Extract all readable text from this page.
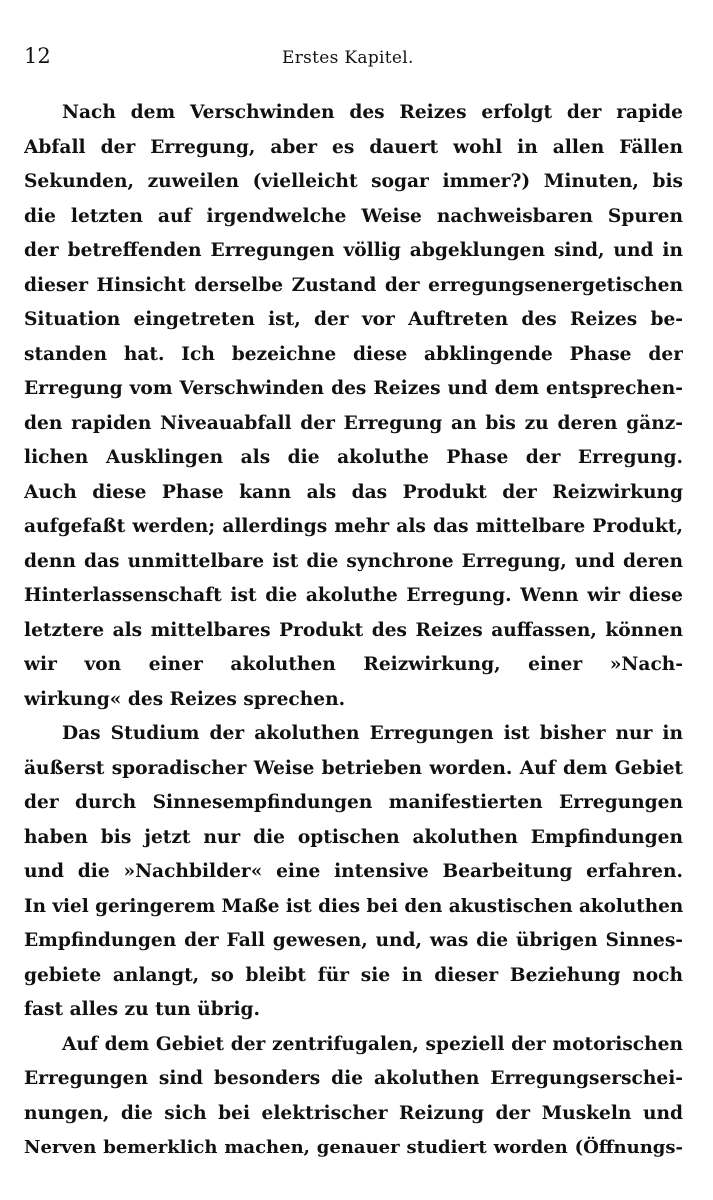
12	Erstes Kapitel.
Nach dem Verschwinden des Reizes erfolgt der rapide
Abfall der Erregung, aber es dauert wohl in allen Fällen
Sekunden, zuweilen (vielleicht sogar immer?) Minuten, bis
die letzten auf irgendwelche Weise nachweisbaren Spuren
der betreffenden Erregungen völlig abgeklungen sind, und in
dieser Hinsicht derselbe Zustand der erregungsenergetischen
Situation eingetreten ist, der vor Auftreten des Reizes be-
standen hat. Ich bezeichne diese abklingende Phase der
Erregung vom Verschwinden des Reizes und dem entsprechen-
den rapiden Niveauabfall der Erregung an bis zu deren gänz-
lichen Ausklingen als die akoluthe Phase der Erregung.
Auch diese Phase kann als das Produkt der Reizwirkung
aufgefaßt werden; allerdings mehr als das mittelbare Produkt,
denn das unmittelbare ist die synchrone Erregung, und deren
Hinterlassenschaft ist die akoluthe Erregung. Wenn wir diese
letztere als mittelbares Produkt des Reizes auffassen, können
wir von einer akoluthen Reizwirkung, einer »Nach-
wirkung« des Reizes sprechen.
Das Studium der akoluthen Erregungen ist bisher nur in
äußerst sporadischer Weise betrieben worden. Auf dem Gebiet
der durch Sinnesempfindungen manifestierten Erregungen
haben bis jetzt nur die optischen akoluthen Empfindungen
und die »Nachbilder« eine intensive Bearbeitung erfahren.
In viel geringerem Maße ist dies bei den akustischen akoluthen
Empfindungen der Fall gewesen, und, was die übrigen Sinnes-
gebiete anlangt, so bleibt für sie in dieser Beziehung noch
fast alles zu tun übrig.
Auf dem Gebiet der zentrifugalen, speziell der motorischen
Erregungen sind besonders die akoluthen Erregungserschei-
nungen, die sich bei elektrischer Reizung der Muskeln und
Nerven bemerklich machen, genauer studiert worden (Öffnungs-
